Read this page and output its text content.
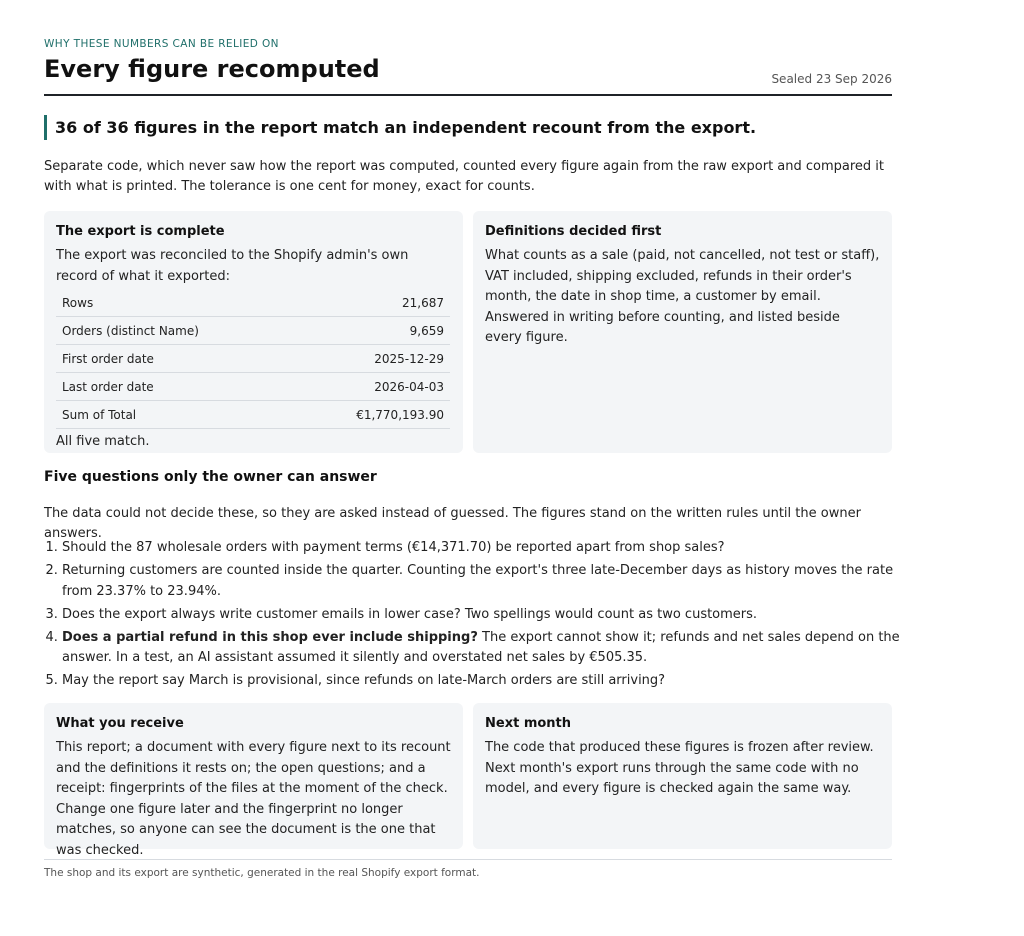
WHY THESE NUMBERS CAN BE RELIED ON
Every figure recomputed	Sealed 23 Sep 2026
36 of 36 figures in the report match an independent recount from the export.
Separate code, which never saw how the report was computed, counted every figure again from the raw export and compared it with what is printed. The tolerance is one cent for money, exact for counts.
The export is complete

The export was reconciled to the Shopify admin's own record of what it exported:

Rows	21,687
Orders (distinct Name)	9,659
First order date	2025-12-29
Last order date	2026-04-03
Sum of Total	€1,770,193.90

All five match.

Definitions decided first

What counts as a sale (paid, not cancelled, not test or staff), VAT included, shipping excluded, refunds in their order's month, the date in shop time, a customer by email. Answered in writing before counting, and listed beside every figure.

Five questions only the owner can answer
The data could not decide these, so they are asked instead of guessed. The figures stand on the written rules until the owner answers.
1. Should the 87 wholesale orders with payment terms (€14,371.70) be reported apart from shop sales?
2. Returning customers are counted inside the quarter. Counting the export's three late-December days as history moves the rate from 23.37% to 23.94%.
3. Does the export always write customer emails in lower case? Two spellings would count as two customers.
4. Does a partial refund in this shop ever include shipping? The export cannot show it; refunds and net sales depend on the answer. In a test, an AI assistant assumed it silently and overstated net sales by €505.35.
5. May the report say March is provisional, since refunds on late-March orders are still arriving?
What you receive

This report; a document with every figure next to its recount and the definitions it rests on; the open questions; and a receipt: fingerprints of the files at the moment of the check. Change one figure later and the fingerprint no longer matches, so anyone can see the document is the one that was checked.

Next month

The code that produced these figures is frozen after review. Next month's export runs through the same code with no model, and every figure is checked again the same way.

The shop and its export are synthetic, generated in the real Shopify export format.
